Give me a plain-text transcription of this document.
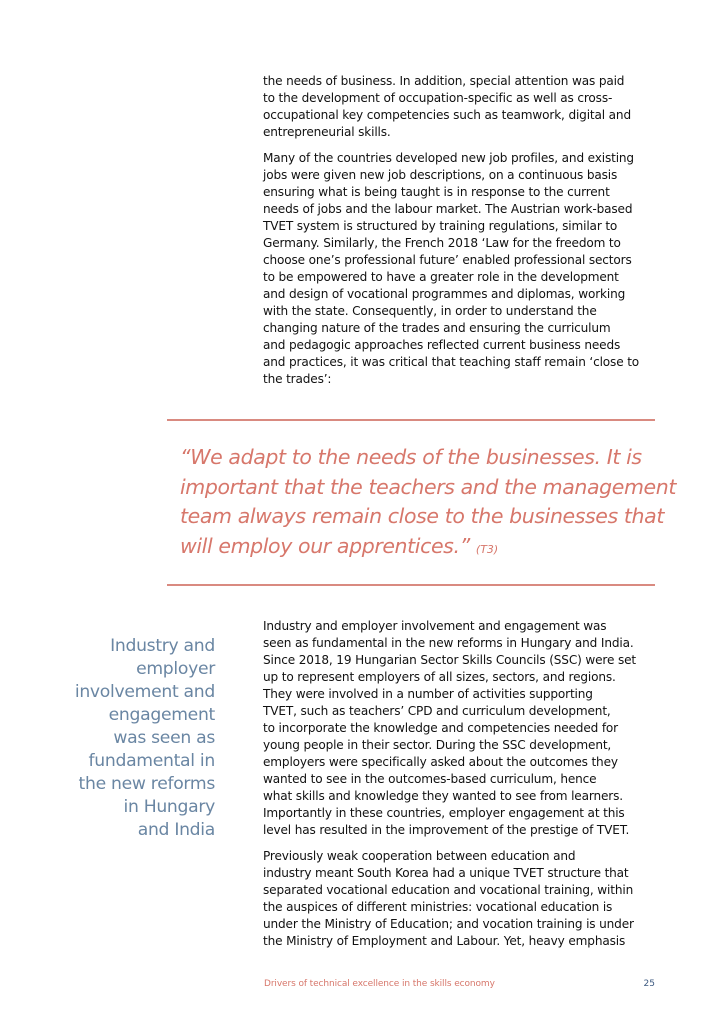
the needs of business. In addition, special attention was paid
to the development of occupation-specific as well as cross-
occupational key competencies such as teamwork, digital and
entrepreneurial skills.

Many of the countries developed new job profiles, and existing
jobs were given new job descriptions, on a continuous basis
ensuring what is being taught is in response to the current
needs of jobs and the labour market. The Austrian work-based
TVET system is structured by training regulations, similar to
Germany. Similarly, the French 2018 ‘Law for the freedom to
choose one’s professional future’ enabled professional sectors
to be empowered to have a greater role in the development
and design of vocational programmes and diplomas, working
with the state. Consequently, in order to understand the
changing nature of the trades and ensuring the curriculum
and pedagogic approaches reflected current business needs
and practices, it was critical that teaching staff remain ‘close to
the trades’:

“We adapt to the needs of the businesses. It is
important that the teachers and the management
team always remain close to the businesses that
will employ our apprentices.” (T3)

Industry and
employer
involvement and
engagement
was seen as
fundamental in
the new reforms
in Hungary
and India

Industry and employer involvement and engagement was
seen as fundamental in the new reforms in Hungary and India.
Since 2018, 19 Hungarian Sector Skills Councils (SSC) were set
up to represent employers of all sizes, sectors, and regions.
They were involved in a number of activities supporting
TVET, such as teachers’ CPD and curriculum development,
to incorporate the knowledge and competencies needed for
young people in their sector. During the SSC development,
employers were specifically asked about the outcomes they
wanted to see in the outcomes-based curriculum, hence
what skills and knowledge they wanted to see from learners.
Importantly in these countries, employer engagement at this
level has resulted in the improvement of the prestige of TVET.

Previously weak cooperation between education and
industry meant South Korea had a unique TVET structure that
separated vocational education and vocational training, within
the auspices of different ministries: vocational education is
under the Ministry of Education; and vocation training is under
the Ministry of Employment and Labour. Yet, heavy emphasis

Drivers of technical excellence in the skills economy	25
